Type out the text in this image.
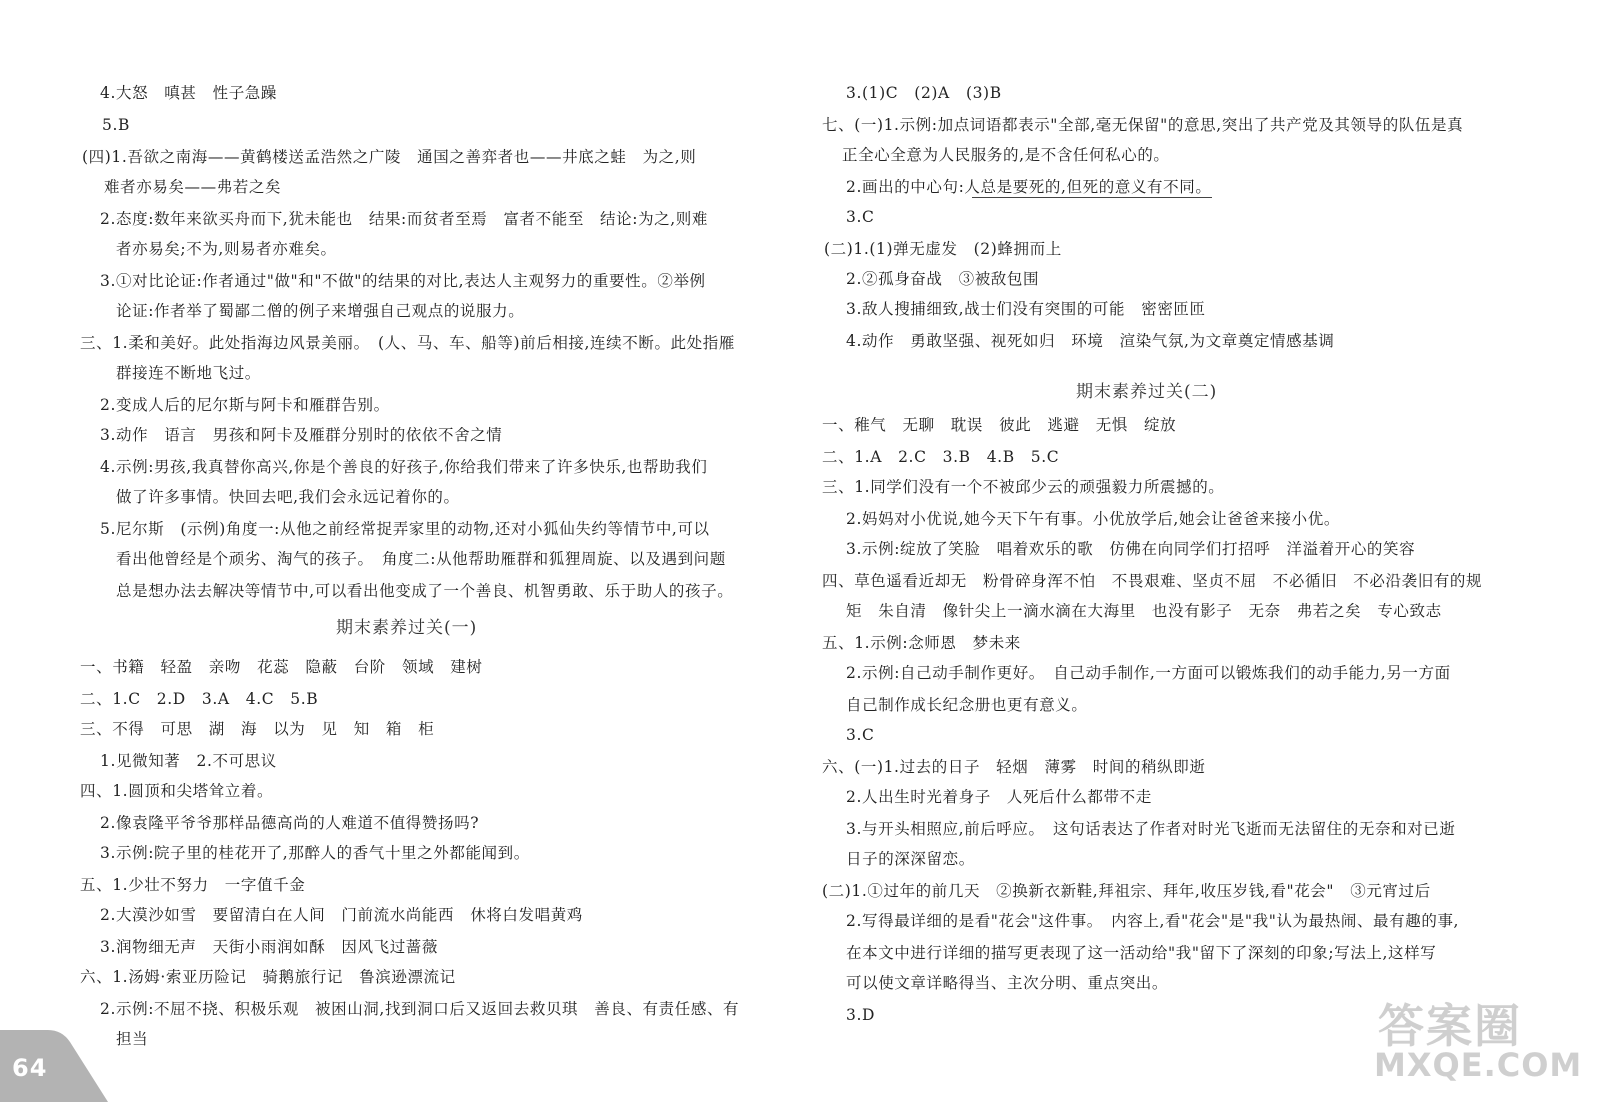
4.大怒　嗔甚　性子急躁
5.B
(四)1.吾欲之南海——黄鹤楼送孟浩然之广陵　通国之善弈者也——井底之蛙　为之,则
难者亦易矣——弗若之矣
2.态度:数年来欲买舟而下,犹未能也　结果:而贫者至焉　富者不能至　结论:为之,则难
者亦易矣;不为,则易者亦难矣。
3.①对比论证:作者通过"做"和"不做"的结果的对比,表达人主观努力的重要性。②举例
论证:作者举了蜀鄙二僧的例子来增强自己观点的说服力。
三、1.柔和美好。此处指海边风景美丽。　(人、马、车、船等)前后相接,连续不断。此处指雁
群接连不断地飞过。
2.变成人后的尼尔斯与阿卡和雁群告别。
3.动作　语言　男孩和阿卡及雁群分别时的依依不舍之情
4.示例:男孩,我真替你高兴,你是个善良的好孩子,你给我们带来了许多快乐,也帮助我们
做了许多事情。快回去吧,我们会永远记着你的。
5.尼尔斯　(示例)角度一:从他之前经常捉弄家里的动物,还对小狐仙失约等情节中,可以
看出他曾经是个顽劣、淘气的孩子。　角度二:从他帮助雁群和狐狸周旋、以及遇到问题
总是想办法去解决等情节中,可以看出他变成了一个善良、机智勇敢、乐于助人的孩子。
期末素养过关(一)
一、书籍　轻盈　亲吻　花蕊　隐蔽　台阶　领域　建树
二、1.C　2.D　3.A　4.C　5.B
三、不得　可思　湖　海　以为　见　知　箱　柜
1.见微知著　2.不可思议
四、1.圆顶和尖塔耸立着。
2.像袁隆平爷爷那样品德高尚的人难道不值得赞扬吗?
3.示例:院子里的桂花开了,那醉人的香气十里之外都能闻到。
五、1.少壮不努力　一字值千金
2.大漠沙如雪　要留清白在人间　门前流水尚能西　休将白发唱黄鸡
3.润物细无声　天街小雨润如酥　因风飞过蔷薇
六、1.汤姆·索亚历险记　骑鹅旅行记　鲁滨逊漂流记
2.示例:不屈不挠、积极乐观　被困山洞,找到洞口后又返回去救贝琪　善良、有责任感、有
担当
3.(1)C　(2)A　(3)B
七、(一)1.示例:加点词语都表示"全部,毫无保留"的意思,突出了共产党及其领导的队伍是真
正全心全意为人民服务的,是不含任何私心的。
2.画出的中心句:人总是要死的,但死的意义有不同。
3.C
(二)1.(1)弹无虚发　(2)蜂拥而上
2.②孤身奋战　③被敌包围
3.敌人搜捕细致,战士们没有突围的可能　密密匝匝
4.动作　勇敢坚强、视死如归　环境　渲染气氛,为文章奠定情感基调
期末素养过关(二)
一、稚气　无聊　耽误　彼此　逃避　无惧　绽放
二、1.A　2.C　3.B　4.B　5.C
三、1.同学们没有一个不被邱少云的顽强毅力所震撼的。
2.妈妈对小优说,她今天下午有事。小优放学后,她会让爸爸来接小优。
3.示例:绽放了笑脸　唱着欢乐的歌　仿佛在向同学们打招呼　洋溢着开心的笑容
四、草色遥看近却无　粉骨碎身浑不怕　不畏艰难、坚贞不屈　不必循旧　不必沿袭旧有的规
矩　朱自清　像针尖上一滴水滴在大海里　也没有影子　无奈　弗若之矣　专心致志
五、1.示例:念师恩　梦未来
2.示例:自己动手制作更好。　自己动手制作,一方面可以锻炼我们的动手能力,另一方面
自己制作成长纪念册也更有意义。
3.C
六、(一)1.过去的日子　轻烟　薄雾　时间的稍纵即逝
2.人出生时光着身子　人死后什么都带不走
3.与开头相照应,前后呼应。　这句话表达了作者对时光飞逝而无法留住的无奈和对已逝
日子的深深留恋。
(二)1.①过年的前几天　②换新衣新鞋,拜祖宗、拜年,收压岁钱,看"花会"　③元宵过后
2.写得最详细的是看"花会"这件事。　内容上,看"花会"是"我"认为最热闹、最有趣的事,
在本文中进行详细的描写更表现了这一活动给"我"留下了深刻的印象;写法上,这样写
可以使文章详略得当、主次分明、重点突出。
3.D
64
答案圈
MXQE.COM
